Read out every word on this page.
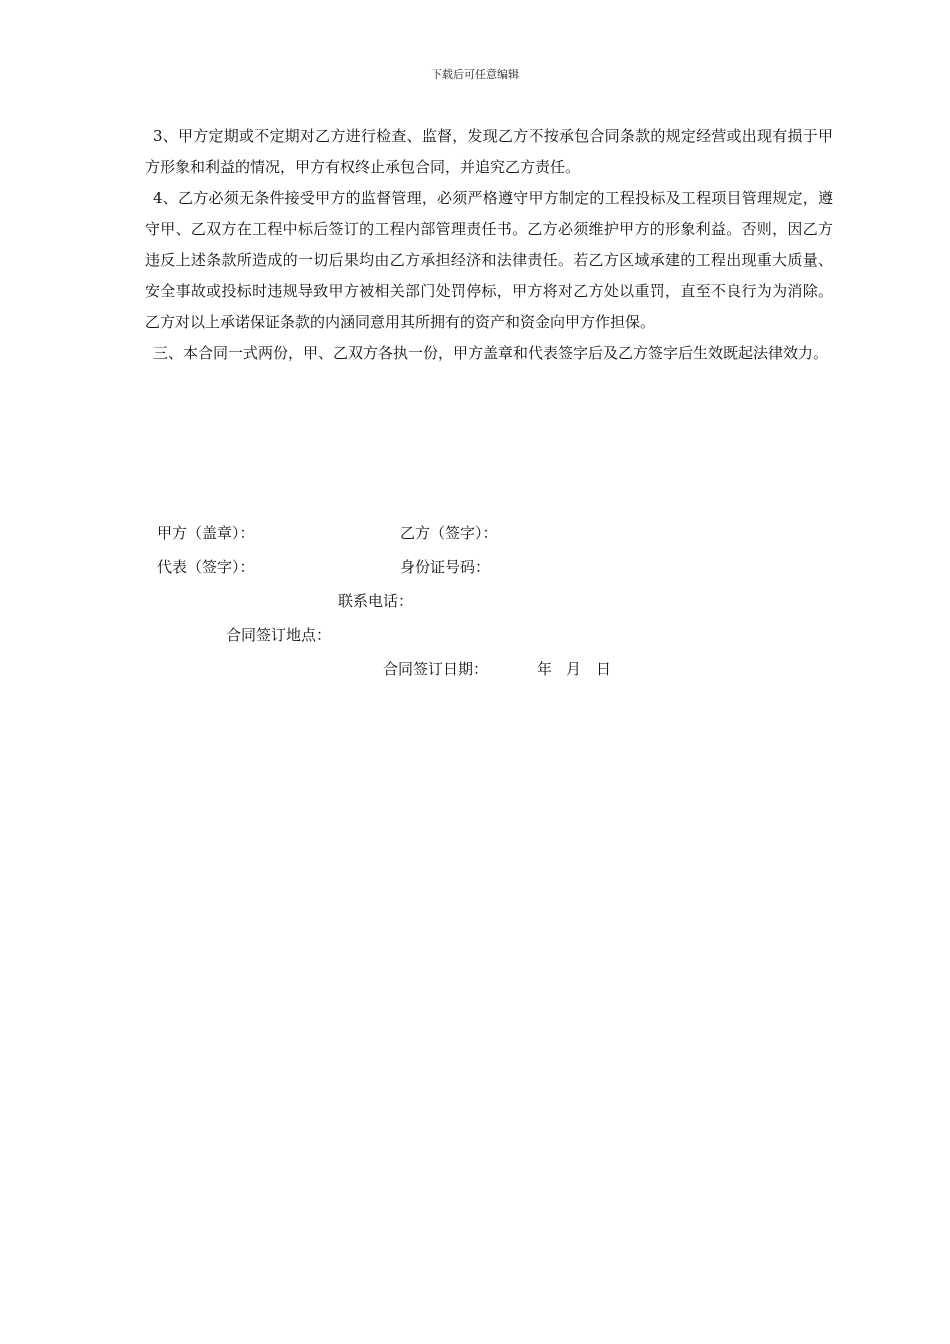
下载后可任意编辑

3、甲方定期或不定期对乙方进行检查、监督，发现乙方不按承包合同条款的规定经营或出现有损于甲方形象和利益的情况，甲方有权终止承包合同，并追究乙方责任。

4、乙方必须无条件接受甲方的监督管理，必须严格遵守甲方制定的工程投标及工程项目管理规定，遵守甲、乙双方在工程中标后签订的工程内部管理责任书。乙方必须维护甲方的形象利益。否则，因乙方违反上述条款所造成的一切后果均由乙方承担经济和法律责任。若乙方区域承建的工程出现重大质量、安全事故或投标时违规导致甲方被相关部门处罚停标，甲方将对乙方处以重罚，直至不良行为为消除。乙方对以上承诺保证条款的内涵同意用其所拥有的资产和资金向甲方作担保。

三、本合同一式两份，甲、乙双方各执一份，甲方盖章和代表签字后及乙方签字后生效既起法律效力。

甲方（盖章）：	乙方（签字）：
代表（签字）：	身份证号码：
联系电话：
合同签订地点：
合同签订日期：	年 月 日
